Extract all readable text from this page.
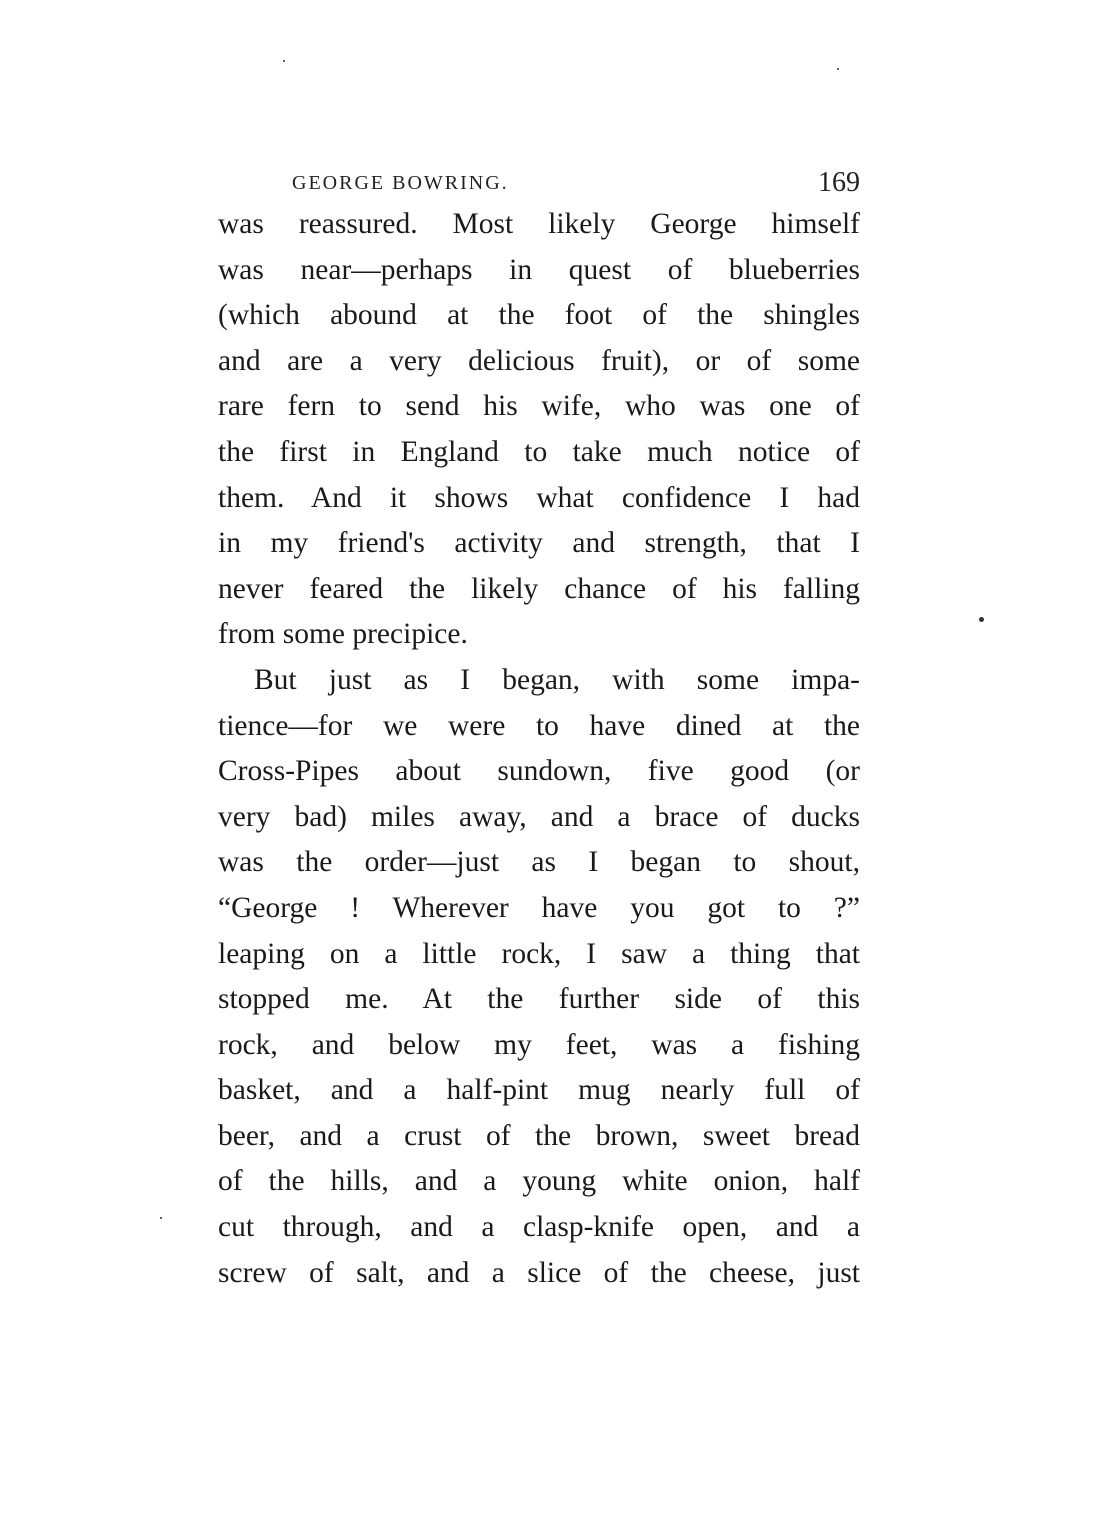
GEORGE BOWRING.	169
was reassured. Most likely George himself
was near—perhaps in quest of blueberries
(which abound at the foot of the shingles
and are a very delicious fruit), or of some
rare fern to send his wife, who was one of
the first in England to take much notice of
them. And it shows what confidence I had
in my friend's activity and strength, that I
never feared the likely chance of his falling
from some precipice.
But just as I began, with some impa-
tience—for we were to have dined at the
Cross-Pipes about sundown, five good (or
very bad) miles away, and a brace of ducks
was the order—just as I began to shout,
“George ! Wherever have you got to ?”
leaping on a little rock, I saw a thing that
stopped me. At the further side of this
rock, and below my feet, was a fishing
basket, and a half-pint mug nearly full of
beer, and a crust of the brown, sweet bread
of the hills, and a young white onion, half
cut through, and a clasp-knife open, and a
screw of salt, and a slice of the cheese, just
